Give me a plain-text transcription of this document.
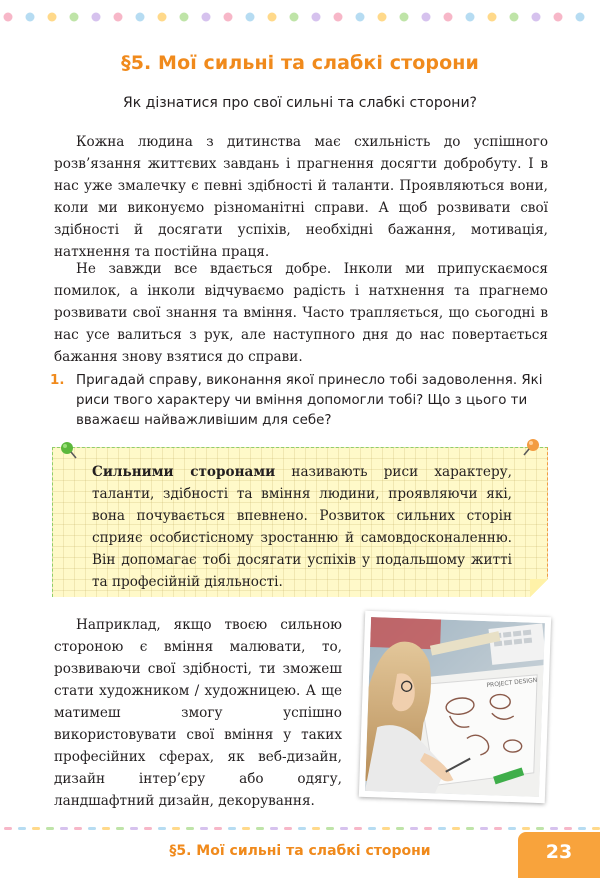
§5. Мої сильні та слабкі сторони
Як дізнатися про свої сильні та слабкі сторони?

Кожна людина з дитинства має схильність до успішного розв’язання життєвих завдань і прагнення досягти добробуту. І в нас уже змалечку є певні здібності й таланти. Проявляються вони, коли ми виконуємо різноманітні справи. А щоб розвивати свої здібності й досягати успіхів, необхідні бажання, мотивація, натхнення та постійна праця.

Не завжди все вдається добре. Інколи ми припускаємося помилок, а інколи відчуваємо радість і натхнення та прагнемо розвивати свої знання та вміння. Часто трапляється, що сьогодні в нас усе валиться з рук, але наступного дня до нас повертається бажання знову взятися до справи.

1. Пригадай справу, виконання якої принесло тобі задоволення. Які риси твого характеру чи вміння допомогли тобі? Що з цього ти вважаєш найважливішим для себе?
Сильними сторонами називають риси характеру, таланти, здібності та вміння людини, проявляючи які, вона почувається впевнено. Розвиток сильних сторін сприяє особистісному зростанню й самовдосконаленню. Він допомагає тобі досягати успіхів у подальшому житті та професійній діяльності.

Наприклад, якщо твоєю сильною стороною є вміння малювати, то, розвиваючи свої здібності, ти зможеш стати художником / художницею. А ще матимеш змогу успішно використовувати свої вміння у таких професійних сферах, як веб-дизайн, дизайн інтер’єру або одягу, ландшафтний дизайн, декорування.

PROJECT DESIGN
§5. Мої сильні та слабкі сторони	23
